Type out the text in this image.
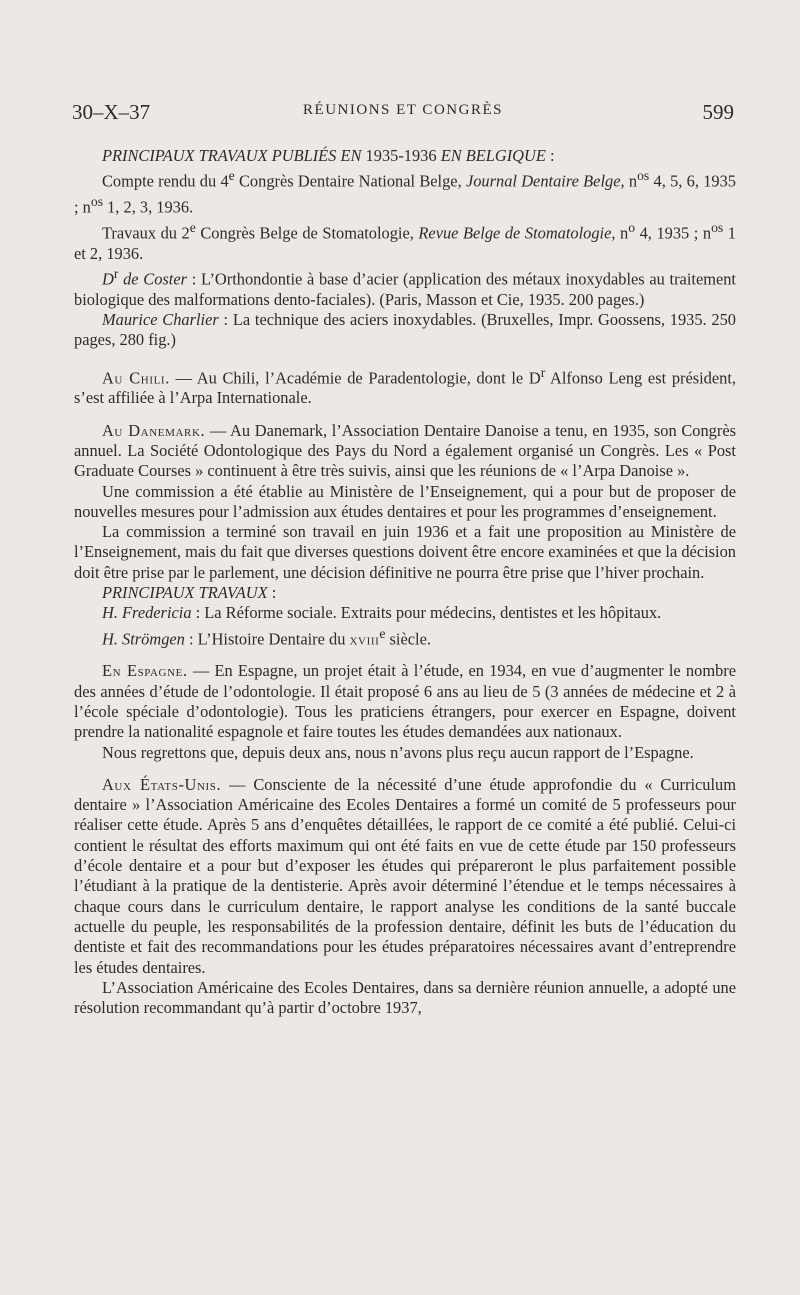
30–X–37	RÉUNIONS ET CONGRÈS	599

PRINCIPAUX TRAVAUX PUBLIÉS EN 1935-1936 EN BELGIQUE :

Compte rendu du 4e Congrès Dentaire National Belge, Journal Dentaire Belge, $n^{os}$ 4, 5, 6, 1935 ; $n^{os}$ 1, 2, 3, 1936.

Travaux du 2e Congrès Belge de Stomatologie, Revue Belge de Stomatologie, $n^o$ 4, 1935 ; $n^{os}$ 1 et 2, 1936.

$D^r$ de Coster : L’Orthondontie à base d’acier (application des métaux inoxydables au traitement biologique des malformations dento-faciales). (Paris, Masson et Cie, 1935. 200 pages.)

Maurice Charlier : La technique des aciers inoxydables. (Bruxelles, Impr. Goossens, 1935. 250 pages, 280 fig.)

Au Chili. — Au Chili, l’Académie de Paradentologie, dont le $D^r$ Alfonso Leng est président, s’est affiliée à l’Arpa Internationale.

Au Danemark. — Au Danemark, l’Association Dentaire Danoise a tenu, en 1935, son Congrès annuel. La Société Odontologique des Pays du Nord a également organisé un Congrès. Les « Post Graduate Courses » continuent à être très suivis, ainsi que les réunions de « l’Arpa Danoise ».

Une commission a été établie au Ministère de l’Enseignement, qui a pour but de proposer de nouvelles mesures pour l’admission aux études dentaires et pour les programmes d’enseignement.

La commission a terminé son travail en juin 1936 et a fait une proposition au Ministère de l’Enseignement, mais du fait que diverses questions doivent être encore examinées et que la décision doit être prise par le parlement, une décision définitive ne pourra être prise que l’hiver prochain.

PRINCIPAUX TRAVAUX :

H. Fredericia : La Réforme sociale. Extraits pour médecins, dentistes et les hôpitaux.

H. Strömgen : L’Histoire Dentaire du xviii$^e$ siècle.

En Espagne. — En Espagne, un projet était à l’étude, en 1934, en vue d’augmenter le nombre des années d’étude de l’odontologie. Il était proposé 6 ans au lieu de 5 (3 années de médecine et 2 à l’école spéciale d’odontologie). Tous les praticiens étrangers, pour exercer en Espagne, doivent prendre la nationalité espagnole et faire toutes les études demandées aux nationaux.

Nous regrettons que, depuis deux ans, nous n’avons plus reçu aucun rapport de l’Espagne.

Aux États-Unis. — Consciente de la nécessité d’une étude approfondie du « Curriculum dentaire » l’Association Américaine des Ecoles Dentaires a formé un comité de 5 professeurs pour réaliser cette étude. Après 5 ans d’enquêtes détaillées, le rapport de ce comité a été publié. Celui-ci contient le résultat des efforts maximum qui ont été faits en vue de cette étude par 150 professeurs d’école dentaire et a pour but d’exposer les études qui prépareront le plus parfaitement possible l’étudiant à la pratique de la dentisterie. Après avoir déterminé l’étendue et le temps nécessaires à chaque cours dans le curriculum dentaire, le rapport analyse les conditions de la santé buccale actuelle du peuple, les responsabilités de la profession dentaire, définit les buts de l’éducation du dentiste et fait des recommandations pour les études préparatoires nécessaires avant d’entreprendre les études dentaires.

L’Association Américaine des Ecoles Dentaires, dans sa dernière réunion annuelle, a adopté une résolution recommandant qu’à partir d’octobre 1937,
